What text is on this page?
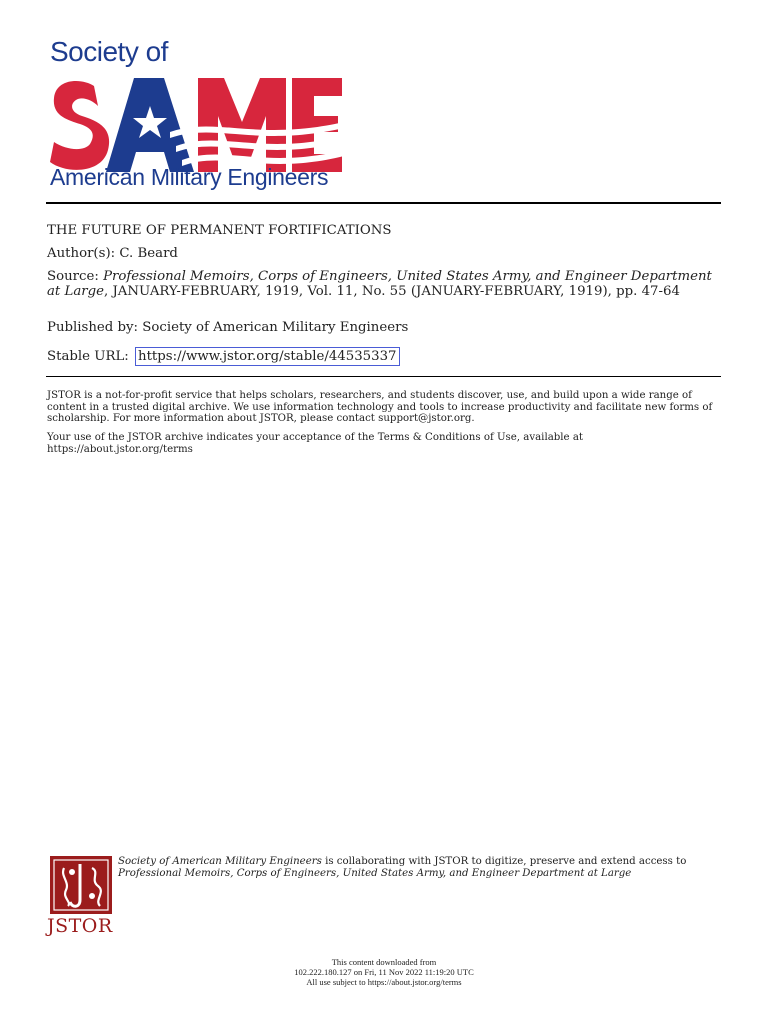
Society of
American Military Engineers
THE FUTURE OF PERMANENT FORTIFICATIONS
Author(s): C. Beard
Source: Professional Memoirs, Corps of Engineers, United States Army, and Engineer Department at Large, JANUARY-FEBRUARY, 1919, Vol. 11, No. 55 (JANUARY-FEBRUARY, 1919), pp. 47-64
Published by: Society of American Military Engineers
Stable URL: https://www.jstor.org/stable/44535337
JSTOR is a not-for-profit service that helps scholars, researchers, and students discover, use, and build upon a wide range of content in a trusted digital archive. We use information technology and tools to increase productivity and facilitate new forms of scholarship. For more information about JSTOR, please contact support@jstor.org.
Your use of the JSTOR archive indicates your acceptance of the Terms & Conditions of Use, available at https://about.jstor.org/terms
JSTOR
Society of American Military Engineers is collaborating with JSTOR to digitize, preserve and extend access to Professional Memoirs, Corps of Engineers, United States Army, and Engineer Department at Large
This content downloaded from
102.222.180.127 on Fri, 11 Nov 2022 11:19:20 UTC
All use subject to https://about.jstor.org/terms
